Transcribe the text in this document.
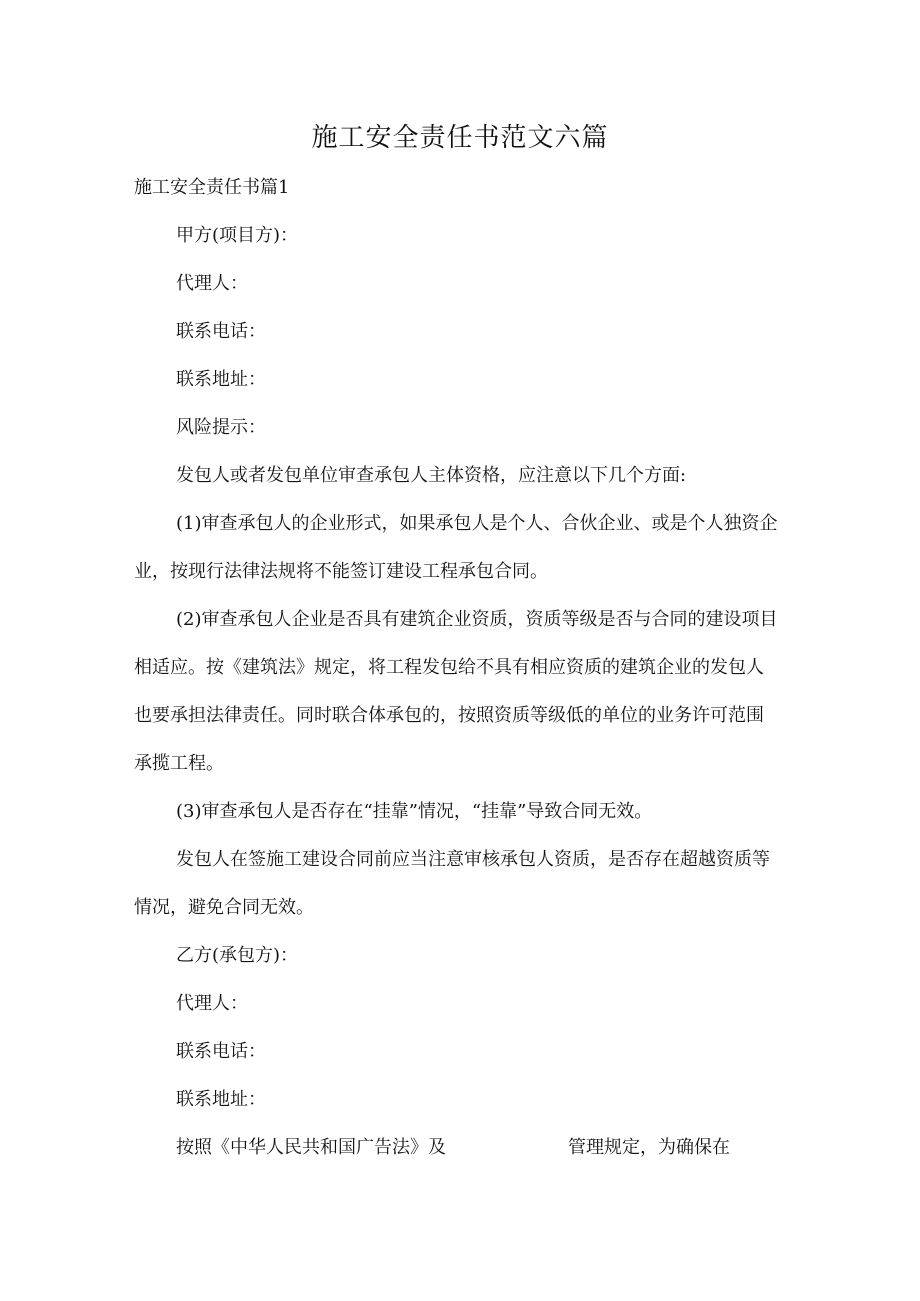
施工安全责任书范文六篇

施工安全责任书篇1

甲方(项目方)：

代理人：

联系电话：

联系地址：

风险提示：

发包人或者发包单位审查承包人主体资格，应注意以下几个方面:

(1)审查承包人的企业形式，如果承包人是个人、合伙企业、或是个人独资企

业，按现行法律法规将不能签订建设工程承包合同。

(2)审查承包人企业是否具有建筑企业资质，资质等级是否与合同的建设项目

相适应。按《建筑法》规定，将工程发包给不具有相应资质的建筑企业的发包人

也要承担法律责任。同时联合体承包的，按照资质等级低的单位的业务许可范围

承揽工程。

(3)审查承包人是否存在“挂靠”情况，“挂靠”导致合同无效。

发包人在签施工建设合同前应当注意审核承包人资质，是否存在超越资质等

情况，避免合同无效。

乙方(承包方)：

代理人：

联系电话：

联系地址：

按照《中华人民共和国广告法》及	管理规定，为确保在
